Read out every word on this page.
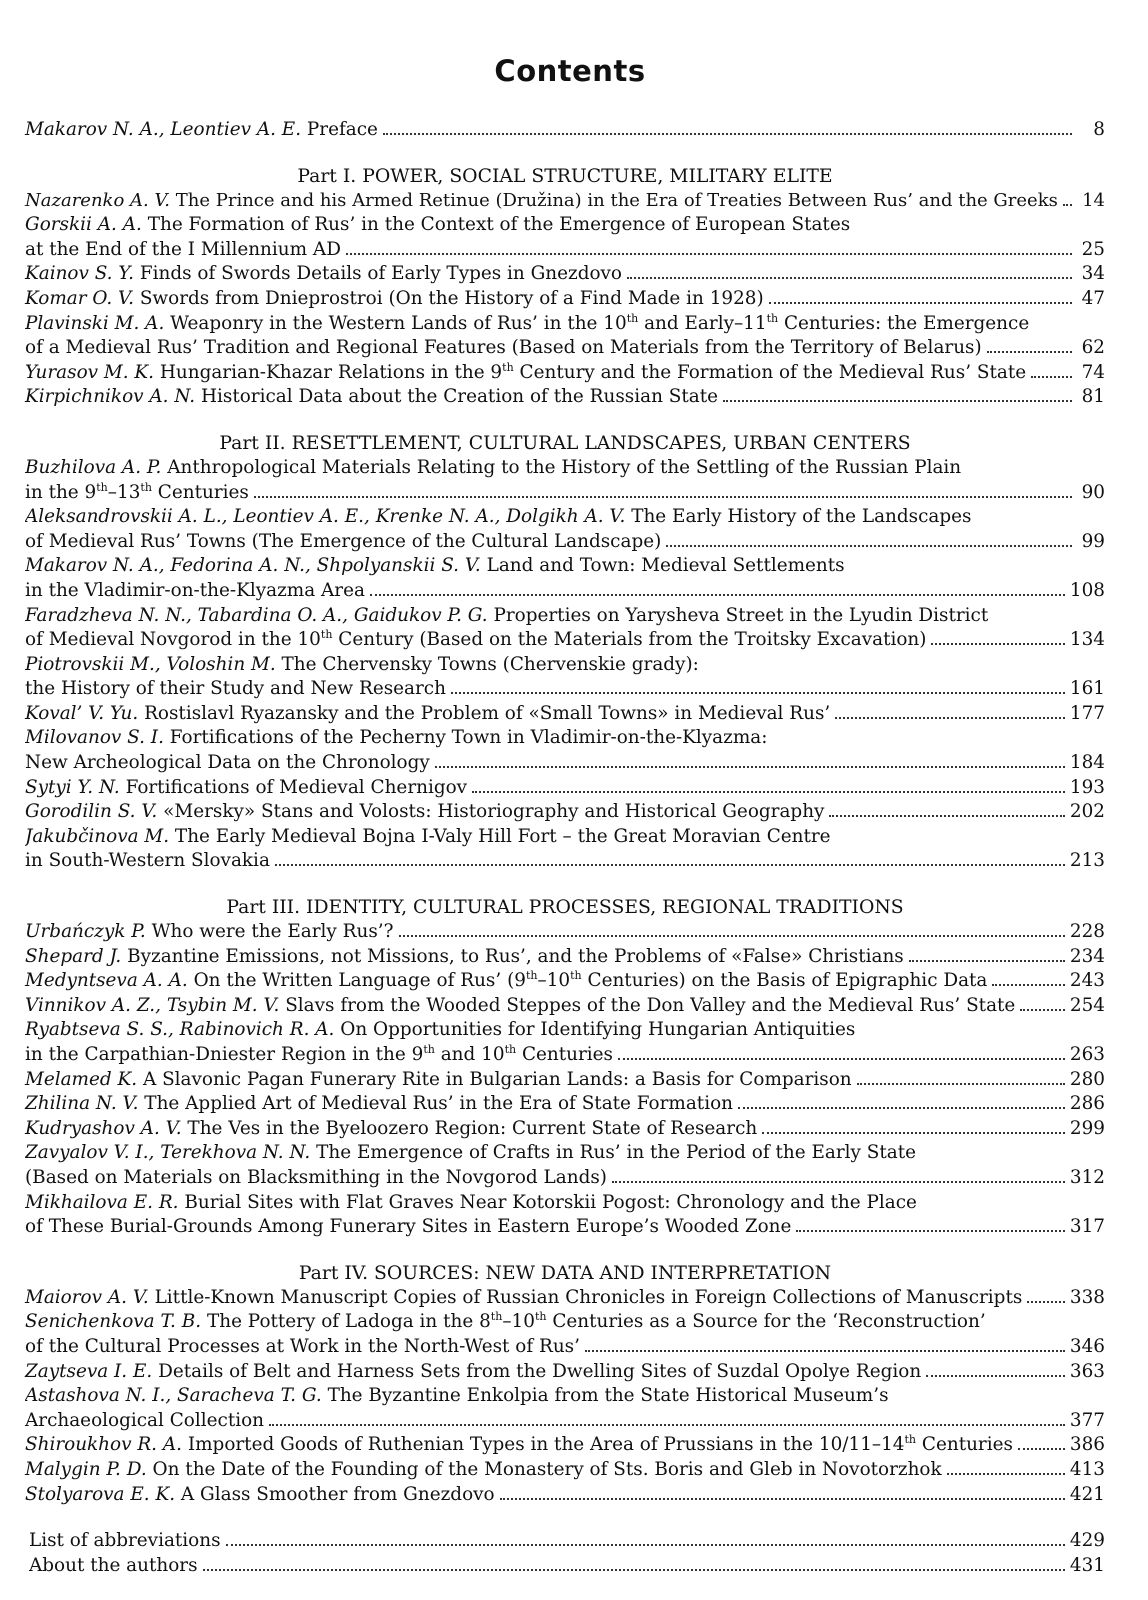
Contents
Makarov N. A., Leontiev A. E. Preface	8
Part I. POWER, SOCIAL STRUCTURE, MILITARY ELITE
Nazarenko A. V. The Prince and his Armed Retinue (Družina) in the Era of Treaties Between Rus’ and the Greeks 14
Gorskii A. A. The Formation of Rus’ in the Context of the Emergence of European States
at the End of the I Millennium AD	25
Kainov S. Y. Finds of Swords Details of Early Types in Gnezdovo	34
Komar O. V. Swords from Dnieprostroi (On the History of a Find Made in 1928)	47
Plavinski M. A. Weaponry in the Western Lands of Rus’ in the 10th and Early–11th Centuries: the Emergence
of a Medieval Rus’ Tradition and Regional Features (Based on Materials from the Territory of Belarus)	62
Yurasov M. K. Hungarian-Khazar Relations in the 9th Century and the Formation of the Medieval Rus’ State	74
Kirpichnikov A. N. Historical Data about the Creation of the Russian State	81
Part II. RESETTLEMENT, CULTURAL LANDSCAPES, URBAN CENTERS
Buzhilova A. P. Anthropological Materials Relating to the History of the Settling of the Russian Plain
in the 9th–13th Centuries	90
Aleksandrovskii A. L., Leontiev A. E., Krenke N. A., Dolgikh A. V. The Early History of the Landscapes
of Medieval Rus’ Towns (The Emergence of the Cultural Landscape)	99
Makarov N. A., Fedorina A. N., Shpolyanskii S. V. Land and Town: Medieval Settlements
in the Vladimir-on-the-Klyazma Area	108
Faradzheva N. N., Tabardina O. A., Gaidukov P. G. Properties on Yarysheva Street in the Lyudin District
of Medieval Novgorod in the 10th Century (Based on the Materials from the Troitsky Excavation)	134
Piotrovskii M., Voloshin M. The Chervensky Towns (Chervenskie grady):
the History of their Study and New Research	161
Koval’ V. Yu. Rostislavl Ryazansky and the Problem of «Small Towns» in Medieval Rus’	177
Milovanov S. I. Fortifications of the Pecherny Town in Vladimir-on-the-Klyazma:
New Archeological Data on the Chronology	184
Sytyi Y. N. Fortifications of Medieval Chernigov	193
Gorodilin S. V. «Mersky» Stans and Volosts: Historiography and Historical Geography	202
Jakubčinova M. The Early Medieval Bojna I-Valy Hill Fort – the Great Moravian Centre
in South-Western Slovakia	213
Part III. IDENTITY, CULTURAL PROCESSES, REGIONAL TRADITIONS
Urbańczyk P. Who were the Early Rus’?	228
Shepard J. Byzantine Emissions, not Missions, to Rus’, and the Problems of «False» Christians	234
Medyntseva A. A. On the Written Language of Rus’ (9th–10th Centuries) on the Basis of Epigraphic Data	243
Vinnikov A. Z., Tsybin M. V. Slavs from the Wooded Steppes of the Don Valley and the Medieval Rus’ State	254
Ryabtseva S. S., Rabinovich R. A. On Opportunities for Identifying Hungarian Antiquities
in the Carpathian-Dniester Region in the 9th and 10th Centuries	263
Melamed K. A Slavonic Pagan Funerary Rite in Bulgarian Lands: a Basis for Comparison	280
Zhilina N. V. The Applied Art of Medieval Rus’ in the Era of State Formation	286
Kudryashov A. V. The Ves in the Byeloozero Region: Current State of Research	299
Zavyalov V. I., Terekhova N. N. The Emergence of Crafts in Rus’ in the Period of the Early State
(Based on Materials on Blacksmithing in the Novgorod Lands)	312
Mikhailova E. R. Burial Sites with Flat Graves Near Kotorskii Pogost: Chronology and the Place
of These Burial-Grounds Among Funerary Sites in Eastern Europe’s Wooded Zone	317
Part IV. SOURCES: NEW DATA AND INTERPRETATION
Maiorov A. V. Little-Known Manuscript Copies of Russian Chronicles in Foreign Collections of Manuscripts	338
Senichenkova T. B. The Pottery of Ladoga in the 8th–10th Centuries as a Source for the ‘Reconstruction’
of the Cultural Processes at Work in the North-West of Rus’	346
Zaytseva I. E. Details of Belt and Harness Sets from the Dwelling Sites of Suzdal Opolye Region	363
Astashova N. I., Saracheva T. G. The Byzantine Enkolpia from the State Historical Museum’s
Archaeological Collection	377
Shiroukhov R. A. Imported Goods of Ruthenian Types in the Area of Prussians in the 10/11–14th Centuries	386
Malygin P. D. On the Date of the Founding of the Monastery of Sts. Boris and Gleb in Novotorzhok	413
Stolyarova E. K. A Glass Smoother from Gnezdovo	421
List of abbreviations	429
About the authors	431
